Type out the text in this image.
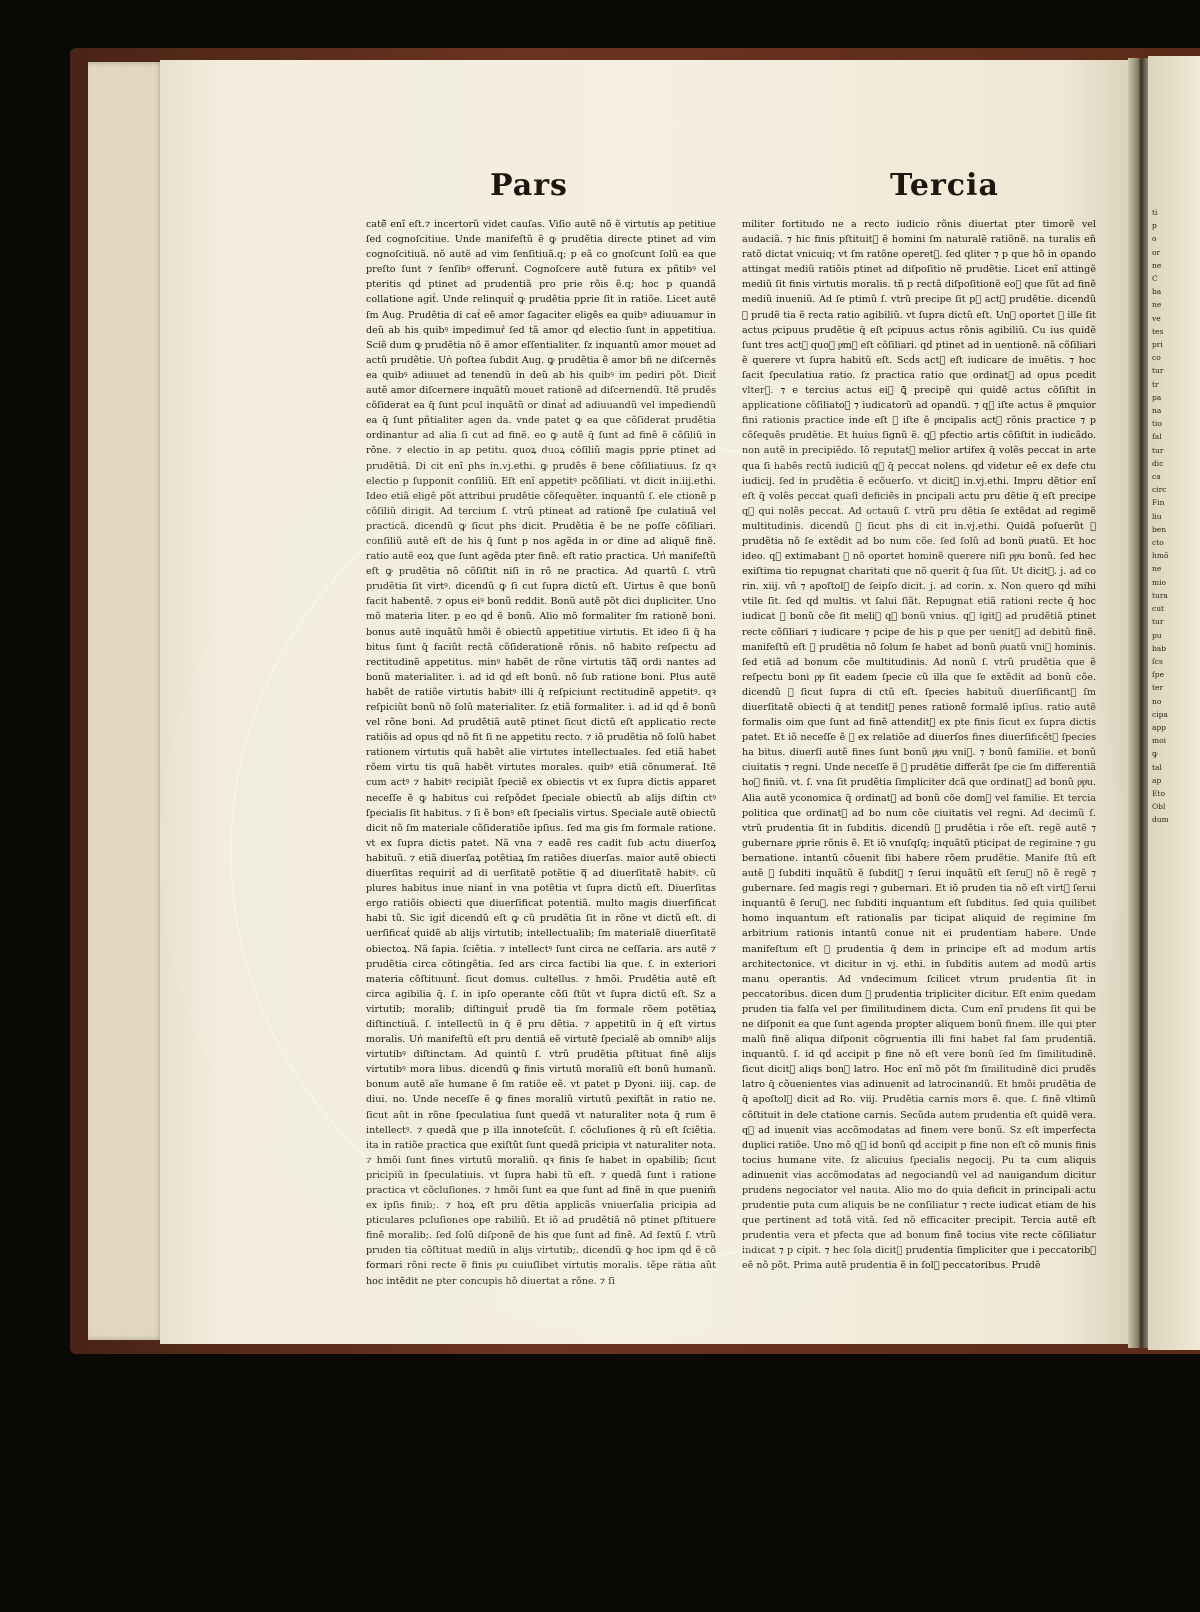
ti
p
o
or
ne
C
ba
ne
ve
tes
pri
co
tur
tr
pa
na
tio
fal
tur
dic
ca
circ
Fin
liu
ben
cto
hmõ
ne
mio
tura
cut
tur
pu
bab
ſcs
ſpe
ter
no
cipa
app
moi
ꝙ
tal
ap
Eto
Obl
dum
Pars	Tercia

catẽ̄ enĩ eſt.⁊ incertorũ videt cauſas. Viſio autẽ nõ ẽ virtutis ap petitiue ſed cognoſcitiue. Unde manifeſtũ ẽ ꝙ prudẽtia directe ptinet ad vim cognoſcitiuã. nõ autẽ ad vim ſenſitiuã.q; p eã co gnoſcunt ſolũ ea que preſto ſunt ⁊ ſenſibꝰ offeruntᷣ. Cognoſcere autẽ futura ex pñtibꝰ vel pteritis qḋ ptinet ad prudentiã pro prie rõis ẽ.q; hoc p quandã collatione agitᷣ. Unde relinquitᷣ ꝙ prudẽtia pprie ſit in ratiõe. Licet autẽ ſm Aug. Prudẽtia di catᷣ eẽ amor ſagaciter eligẽs ea quibꝰ adiuuamur in deũ ab his quibꝰ impedimurᷤ ſed tã amor qḋ electio ſunt in appetitiua. Sciẽ dum ꝙ prudẽtia nõ ẽ amor eſſentialiter. ſz inquantũ amor mouet ad actũ prudẽtie. Unᷣ poſtea ſubdit Aug. ꝙ prudẽtia ẽ amor bñ ne diſcernẽs ea quibꝰ adiuuet ad tenendũ in deũ ab his quibꝰ im pediri põt. Dicitᷣ autẽ amor diſcernere inquãtũ mouet rationẽ ad diſcernendũ. Itẽ prudẽs cõſiderat ea q̄ ſunt pcul inquãtũ or dinatᷣ ad adiuuandũ vel impediendũ ea q̄ ſunt pñtialiter agen da. vnde patet ꝙ ea que cõſiderat prudẽtia ordinantur ad alia ſi cut ad finẽ. eo ꝙ autẽ q̄ ſunt ad finẽ ẽ cõſiliũ in rõne. ⁊ electio in ap petitu. quoꝝ duoꝝ cõſiliũ magis pprie ptinet ad prudẽtiã. Di cit enĩ phs in.vj.ethi. ꝙ prudẽs ẽ bene cõſiliatiuus. ſz qꝛ electio p ſupponit conſiliũ. Eſt enĩ appetitꝰ pcõſiliati. vt dicit in.iij.ethi. Ideo etiã eligẽ põt attribui prudẽtie cõſequẽter. inquantũ ſ. ele ctionẽ p cõſiliũ dirigit. Ad tercium ſ. vtrũ ptineat ad rationẽ ſpe culatiuã vel practicã. dicendũ ꝙ ſicut phs dicit. Prudẽtia ẽ be ne poſſe cõſiliari. conſiliũ autẽ eſt de his q̄ ſunt p nos agẽda in or dine ad aliquẽ finẽ. ratio autẽ eoꝝ que ſunt agẽda pter finẽ. eſt ratio practica. Unᷣ manifeſtũ eſt ꝙ prudẽtia nõ cõſiſtit niſi in rõ ne practica. Ad quartũ ſ. vtrũ prudẽtia ſit virtꝰ. dicendũ ꝙ ſi cut ſupra dictũ eſt. Uirtus ẽ que bonũ facit habentẽ. ⁊ opus eiꝰ bonũ reddit. Bonũ autẽ põt dici dupliciter. Uno mõ materia liter. p eo qḋ ẽ bonũ. Alio mõ formaliter ſm rationẽ boni. bonus autẽ inquãtũ hmõi ẽ obiectũ appetitiue virtutis. Et ideo ſi q̄ ha bitus ſunt q̄ faciũt rectã cõſiderationẽ rõnis. nõ habito reſpectu ad rectitudinẽ appetitus. minꝰ habẽt de rõne virtutis tãqᷓ ordi nantes ad bonũ materialiter. i. ad id qḋ eſt bonũ. nõ ſub ratione boni. Plus autẽ habẽt de ratiõe virtutis habitꝰ illi q̄ reſpiciunt rectitudinẽ appetitꝰ. qꝛ reſpiciũt bonũ nõ ſolũ materialiter. ſz etiã formaliter. i. ad id qḋ ẽ bonũ vel rõne boni. Ad prudẽtiã autẽ ptinet ſicut dictũ eſt applicatio recte ratiõis ad opus qḋ nõ fit ſi ne appetitu recto. ⁊ iõ prudẽtia nõ ſolũ habet rationem virtutis quã habẽt alie virtutes intellectuales. ſed etiã habet rõem virtu tis quã habẽt virtutes morales. quibꝰ etiã cõnumeratᷣ. Itẽ cum actꝰ ⁊ habitꝰ recipiãt ſpeciẽ ex obiectis vt ex ſupra dictis apparet neceſſe ẽ ꝙ habitus cui reſpõdet ſpeciale obiectũ ab alijs diſtin ctꝰ ſpecialis ſit habitus. ⁊ ſi ẽ bonꝰ eſt ſpecialis virtus. Speciale autẽ obiectũ dicit nõ ſm materiale cõſideratiõe ipſius. ſed ma gis ſm formale ratione. vt ex ſupra dictis patet. Nã vna ⁊ eadẽ res cadit ſub actu diuerſoꝝ habituũ. ⁊ etiã diuerſaꝝ potẽtiaꝝ ſm ratiões diuerſas. maior autẽ obiecti diuerſitas requiritᷣ ad di uerſitatẽ potẽtie qᷓ ad diuerſitatẽ habitꝰ. cũ plures habitus inue niantᷣ in vna potẽtia vt ſupra dictũ eſt. Diuerſitas ergo ratiõis obiecti que diuerſificat potentiã. multo magis diuerſificat habi tũ. Sic igitᷣ dicendũ eſt ꝙ cũ prudẽtia ſit in rõne vt dictũ eſt. di uerſificatᷣ quidẽ ab alijs virtutib; intellectualib; ſm materialẽ diuerſitatẽ obiectoꝝ. Nã ſapia. ſciẽtia. ⁊ intellectꝰ ſunt circa ne ceſſaria. ars autẽ ⁊ prudẽtia circa cõtingẽtia. ſed ars circa factibi lia que. ſ. in exteriori materia cõſtituuntᷣ. ſicut domus. cultellus. ⁊ hmõi. Prudẽtia autẽ eſt circa agibilia q̄. ſ. in ipſo operante cõſi ſtũt vt ſupra dictũ eſt. Sz a virtutib; moralib; diſtinguitᷣ prudẽ tia ſm formale rõem potẽtiaꝝ diſtinctiuã. ſ. intellectũ in q̄ ẽ pru dẽtia. ⁊ appetitũ in q̄ eſt virtus moralis. Unᷣ manifeſtũ eſt pru dentiã eẽ virtutẽ ſpecialẽ ab omnibꝰ alijs virtutibꝰ diſtinctam. Ad quintũ ſ. vtrũ prudẽtia pſtituat finẽ alijs virtutibꝰ mora libus. dicendũ ꝙ finis virtutũ moraliũ eſt bonũ humanũ. bonum autẽ aĩe humane ẽ ſm ratiõe eẽ. vt patet p Dyoni. iiij. cap. de diui. no. Unde neceſſe ẽ ꝙ fines moraliũ virtutũ pexiſtãt in ratio ne. ſicut aũt in rõne ſpeculatiua ſunt quedã vt naturaliter nota q̄ rum ẽ intellectꝰ. ⁊ quedã que p illa innoteſcũt. ſ. cõcluſiones q̄ rũ eſt ſciẽtia. ita in ratiõe practica que exiſtũt ſunt quedã pricipia vt naturaliter nota. ⁊ hmõi ſunt fines virtutũ moraliũ. qꝛ finis ſe habet in opabilib; ſicut pricipiũ in ſpeculatiuis. vt ſupra habi tũ eſt. ⁊ quedã ſunt i ratione practica vt cõcluſiones. ⁊ hmõi ſunt ea que ſunt ad finẽ in que puenim̄ ex ipſis finib;. ⁊ hoꝝ eſt pru dẽtia applicãs vniuerſalia pricipia ad pticulares pcluſiones ope rabiliũ. Et iõ ad prudẽtiã nõ ptinet pſtituere finẽ moralib;. ſed ſolũ diſponẽ de his que ſunt ad finẽ. Ad ſextũ ſ. vtrũ pruden tia cõſtituat mediũ in alijs virtutib;. dicendũ ꝙ hoc ipm qḋ ẽ cõ formari rõni recte ẽ finis pͥu cuiuſlibet virtutis moralis. tẽpe rãtia aũt hoc intẽdit ne pter concupis hõ diuertat a rõne. ⁊ ſi

militer fortitudo ne a recto iudicio rõnis diuertat pter timorẽ vel audaciã. ⁊ hic finis pſtituitᷣ ẽ homini ſm naturalẽ ratiõnẽ. na turalis eñ ratõ dictat vnicuiq; vt ſm ratõne operetᷣ. ſed qliter ⁊ p que hõ in opando attingat mediũ ratiõis ptinet ad diſpoſitio nẽ prudẽtie. Licet enĩ attingẽ mediũ ſit finis virtutis moralis. tñ p rectã diſpoſitionẽ eoꝝ que ſũt ad finẽ mediũ inueniũ. Ad ſe ptimũ ſ. vtrũ precipe ſit pꝰ actꝰ prudẽtie. dicendũ ꝙ prudẽ tia ẽ recta ratio agibiliũ. vt ſupra dictũ eſt. Unᷣ oportet ꝙ ille ſit actus pͥcipuus prudẽtie q̄ eſt pͥcipuus actus rõnis agibiliũ. Cu ius quidẽ ſunt tres actꝰ quoꝝ pͥmꝰ eſt cõſiliari. qḋ ptinet ad in uentionẽ. nã cõſiliari ẽ querere vt ſupra habitũ eſt. Scḋs actꝰ eſt iudicare de inuẽtis. ⁊ hoc ſacit ſpeculatiua ratio. ſz practica ratio que ordinatᷣ ad opus pcedit vlterꝰ. ⁊ e tercius actus eiꝰ ꝗ̄ precipẽ qui quidẽ actus cõſiſtit in applicatione cõſiliatoꝝ ⁊ iudicatorũ ad opandũ. ⁊ qꝛ iſte actus ẽ pͥmquior fini rationis practice inde eſt ꝙ iſte ẽ pͥncipalis actꝰ rõnis practice ⁊ p cõſequẽs prudẽtie. Et huius ſignũ ẽ. qꝛ pfectio artis cõſiſtit in iudicãdo. non autẽ in precipiẽdo. Iõ reputatᷣ melior artifex q̄ volẽs peccat in arte qua ſi habẽs rectũ iudiciũ qᷓ q̄ peccat nolens. qḋ videtur eẽ ex defe ctu iudicij. ſed in prudẽtia ẽ ecõuerſo. vt dicitᷣ in.vj.ethi. Impru dẽtior enĩ eſt q̄ volẽs peccat quaſi deficiẽs in pncipali actu pru dẽtie q̄ eſt precipe qᷓ qui nolẽs peccat. Ad octauũ ſ. vtrũ pru dẽtia ſe extẽdat ad regimẽ multitudinis. dicendũ ꝙ ſicut phs di cit in.vj.ethi. Quidã poſuerũt ꝙ prudẽtia nõ ſe extẽdit ad bo num cõe. ſed ſolũ ad bonũ pͥuatũ. Et hoc ideo. qꝛ extimabant ꝙ nõ oportet hominẽ querere niſi pͥpͥu bonũ. ſed hec exiſtima tio repugnat charitati que nõ querit q̄ ſua ſũt. Ut dicitᷣ. j. ad co rin. xiij. vñ ⁊ apoſtolꝰ de ſeipſo dicit. j. ad corin. x. Non quero qḋ mihi vtile ſit. ſed qḋ multis. vt ſalui ſiãt. Repugnat etiã rationi recte q̄ hoc iudicat ꝙ bonũ cõe ſit meliꝰ qᷓ bonũ vnius. qꝛ igitᷣ ad prudẽtiã ptinet recte cõſiliari ⁊ iudicare ⁊ pcipe de his p que per uenitᷣ ad debitũ finẽ. manifeſtũ eſt ꝙ prudẽtia nõ ſolum ſe habet ad bonũ pͥuatũ vniꝰ hominis. ſed etiã ad bonum cõe multitudinis. Ad nonũ ſ. vtrũ prudẽtia que ẽ reſpectu boni pͥpͥ ſit eadem ſpecie cũ illa que ſe extẽdit ad bonũ cõe. dicendũ ꝙ ſicut ſupra di ctũ eſt. ſpecies habituũ diuerſificantᷣ ſm diuerſitatẽ obiecti q̄ at tenditᷣ penes rationẽ formalẽ ipſius. ratio autẽ formalis oim que ſunt ad finẽ attenditᷣ ex pte finis ſicut ex ſupra dictis patet. Et iõ neceſſe ẽ ꝙ ex relatiõe ad diuerſos fines diuerſificẽtᷣ ſpecies ha bitus. diuerſi autẽ fines ſunt bonũ pͥpͥu vniꝰ. ⁊ bonũ familie. et bonũ ciuitatis ⁊ regni. Unde neceſſe ẽ ꝙ prudẽtie differãt ſpe cie ſm differentiã hoꝝ finiũ. vt. ſ. vna ſit prudẽtia ſimpliciter dcã que ordinatᷣ ad bonũ pͥpͥu. Alia autẽ yconomica q̄ ordinatᷣ ad bonũ cõe domꝰ vel familie. Et tercia politica que ordinatᷣ ad bo num cõe ciuitatis vel regni. Ad decimũ ſ. vtrũ prudentia ſit in ſubditis. dicendũ ꝙ prudẽtia i rõe eſt. regẽ autẽ ⁊ gubernare pͥprie rõnis ẽ. Et iõ vnuſqſq; inquãtũ pticipat de regimine ⁊ gu bernatione. intantũ cõuenit ſibi habere rõem prudẽtie. Manife ſtũ eſt autẽ ꝙ ſubditi inquãtũ ẽ ſubditꝰ ⁊ ſerui inquãtũ eſt ſeruꝰ nõ ẽ regẽ ⁊ gubernare. ſed magis regi ⁊ gubernari. Et iõ pruden tia nõ eſt virtꝰ ſerui inquantũ ẽ ſeruꝰ. nec ſubditi inquantum eſt ſubditus. ſed quia quilibet homo inquantum eſt rationalis par ticipat aliquid de regimine ſm arbitrium rationis intantũ conue nit ei prudentiam habere. Unde manifeſtum eſt ꝙ prudentia q̄ dem in principe eſt ad modum artis architectonice. vt dicitur in vj. ethi. in ſubditis autem ad modũ artis manu operantis. Ad vndecimum ſcilicet vtrum prudentia ſit in peccatoribus. dicen dum ꝙ prudentia tripliciter dicitur. Eſt enim quedam pruden tia falſa vel per ſimilitudinem dicta. Cum enĩ prudens ſit qui be ne diſponit ea que ſunt agenda propter aliquem bonũ finem. ille qui pter malũ finẽ aliqua diſponit cõgruentia illi fini habet fal ſam prudentiã. inquantũ. ſ. id qḋ accipit p fine nõ eſt vere bonũ ſed ſm ſimilitudinẽ. ſicut dicitᷣ aliqs bonꝰ latro. Hoc enĩ mõ põt ſm ſimilitudinẽ dici prudẽs latro q̄ cõuenientes vias adinuenit ad latrocinandũ. Et hmõi prudẽtia de q̄ apoſtolꝰ dicit ad Ro. viij. Prudẽtia carnis mors ẽ. que. ſ. finẽ vltimũ cõſtituit in dele ctatione carnis. Secũda autem prudentia eſt quidẽ vera. qꝛ ad inuenit vias accõmodatas ad finem vere bonũ. Sz eſt imperfecta duplici ratiõe. Uno mõ qꝛ id bonũ qḋ accipit p fine non eſt cõ munis finis tocius humane vite. ſz alicuius ſpecialis negocij. Pu ta cum aliquis adinuenit vias accõmodatas ad negociandũ vel ad nauigandum dicitur prudens negociator vel nauta. Alio mo do quia deficit in principali actu prudentie puta cum aliquis be ne conſiliatur ⁊ recte iudicat etiam de his que pertinent ad totã vitã. ſed nõ efficaciter precipit. Tercia autẽ eſt prudentia vera et pfecta que ad bonum finẽ tocius vite recte cõſiliatur indicat ⁊ p cipit. ⁊ hec ſola dicitᷣ prudentia ſimpliciter que i peccatoribꝰ eẽ nõ põt. Prima autẽ prudentia ẽ in ſolꝭ peccatoribus. Prudẽ
